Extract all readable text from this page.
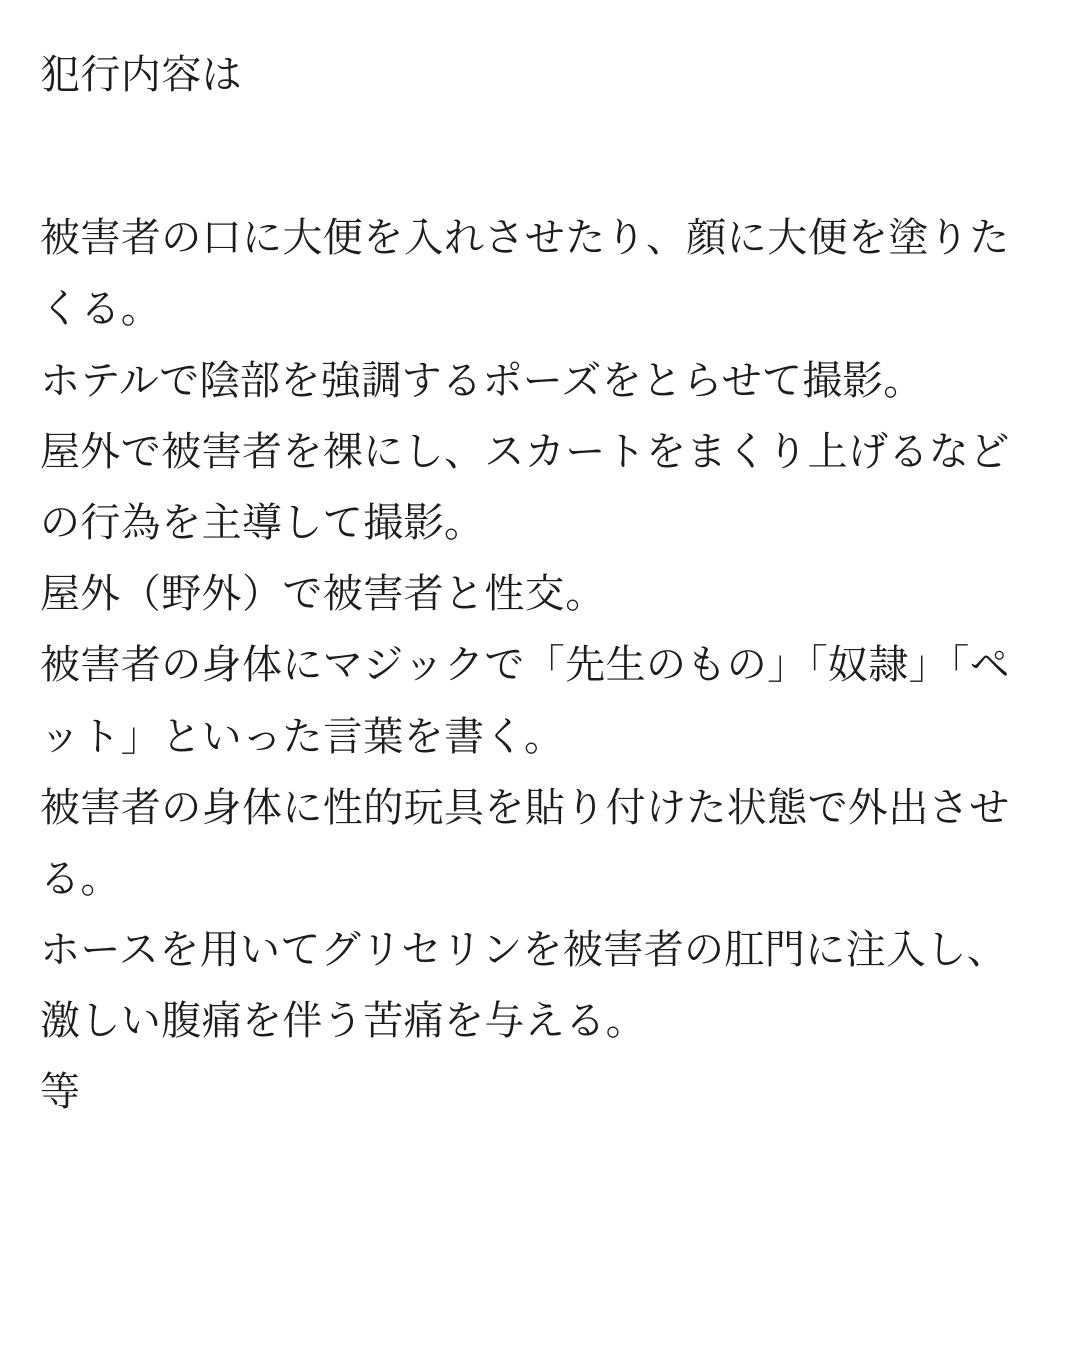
犯行内容は

被害者の口に大便を入れさせたり、顔に大便を塗りたくる。

ホテルで陰部を強調するポーズをとらせて撮影。

屋外で被害者を裸にし、スカートをまくり上げるなどの行為を主導して撮影。

屋外（野外）で被害者と性交。

被害者の身体にマジックで「先生のもの」「奴隷」「ペット」といった言葉を書く。

被害者の身体に性的玩具を貼り付けた状態で外出させる。

ホースを用いてグリセリンを被害者の肛門に注入し、激しい腹痛を伴う苦痛を与える。

等
